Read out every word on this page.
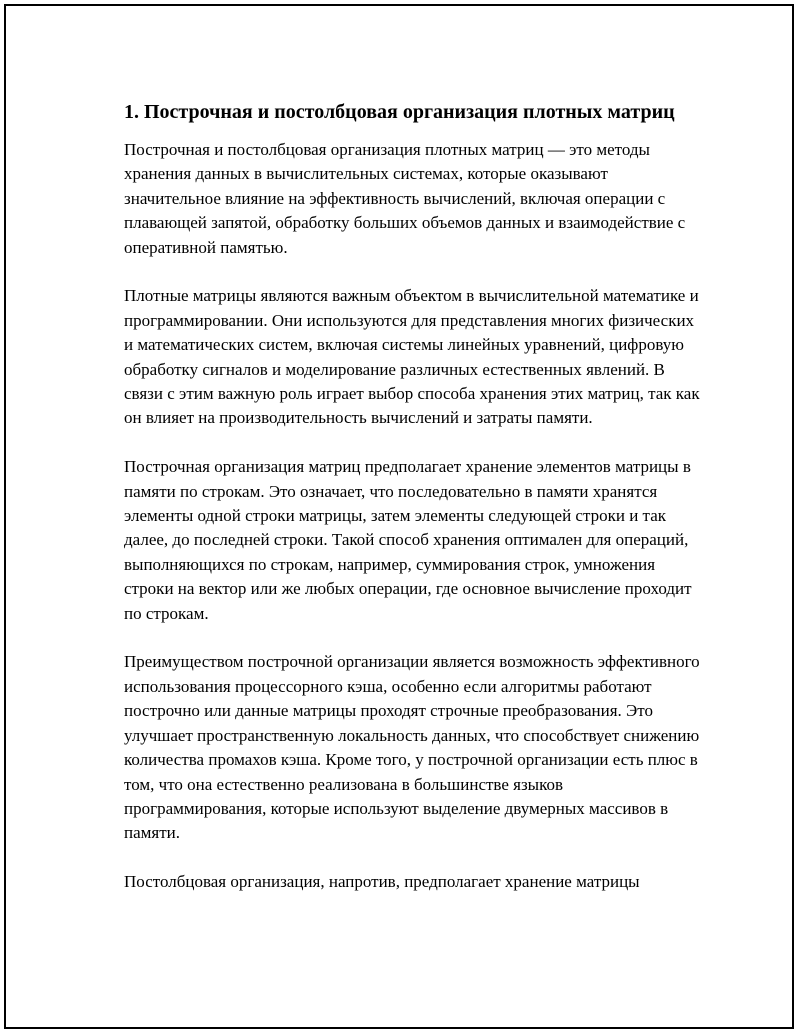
1. Построчная и постолбцовая организация плотных матриц

Построчная и постолбцовая организация плотных матриц — это методы хранения данных в вычислительных системах, которые оказывают значительное влияние на эффективность вычислений, включая операции с плавающей запятой, обработку больших объемов данных и взаимодействие с оперативной памятью.

Плотные матрицы являются важным объектом в вычислительной математике и программировании. Они используются для представления многих физических и математических систем, включая системы линейных уравнений, цифровую обработку сигналов и моделирование различных естественных явлений. В связи с этим важную роль играет выбор способа хранения этих матриц, так как он влияет на производительность вычислений и затраты памяти.

Построчная организация матриц предполагает хранение элементов матрицы в памяти по строкам. Это означает, что последовательно в памяти хранятся элементы одной строки матрицы, затем элементы следующей строки и так далее, до последней строки. Такой способ хранения оптимален для операций, выполняющихся по строкам, например, суммирования строк, умножения строки на вектор или же любых операции, где основное вычисление проходит по строкам.

Преимуществом построчной организации является возможность эффективного использования процессорного кэша, особенно если алгоритмы работают построчно или данные матрицы проходят строчные преобразования. Это улучшает пространственную локальность данных, что способствует снижению количества промахов кэша. Кроме того, у построчной организации есть плюс в том, что она естественно реализована в большинстве языков программирования, которые используют выделение двумерных массивов в памяти.

Постолбцовая организация, напротив, предполагает хранение матрицы
